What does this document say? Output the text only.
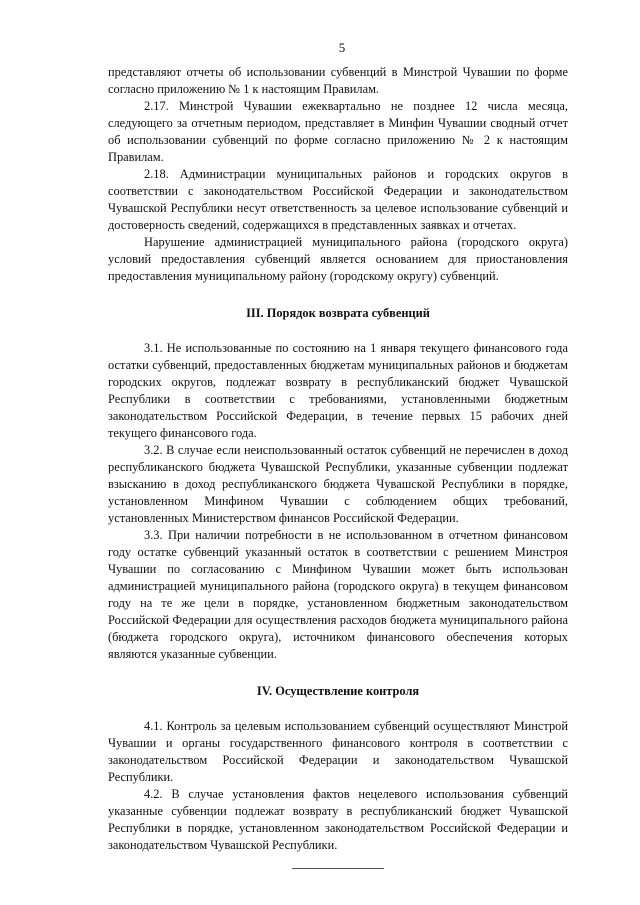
5

представляют отчеты об использовании субвенций в Минстрой Чувашии по форме согласно приложению № 1 к настоящим Правилам.

2.17. Минстрой Чувашии ежеквартально не позднее 12 числа месяца, следующего за отчетным периодом, представляет в Минфин Чувашии сводный отчет об использовании субвенций по форме согласно приложению № 2 к настоящим Правилам.

2.18. Администрации муниципальных районов и городских округов в соответствии с законодательством Российской Федерации и законодательством Чувашской Республики несут ответственность за целевое использование субвенций и достоверность сведений, содержащихся в представленных заявках и отчетах.

Нарушение администрацией муниципального района (городского округа) условий предоставления субвенций является основанием для приостановления предоставления муниципальному району (городскому округу) субвенций.

III. Порядок возврата субвенций

3.1. Не использованные по состоянию на 1 января текущего финансового года остатки субвенций, предоставленных бюджетам муниципальных районов и бюджетам городских округов, подлежат возврату в республиканский бюджет Чувашской Республики в соответствии с требованиями, установленными бюджетным законодательством Российской Федерации, в течение первых 15 рабочих дней текущего финансового года.

3.2. В случае если неиспользованный остаток субвенций не перечислен в доход республиканского бюджета Чувашской Республики, указанные субвенции подлежат взысканию в доход республиканского бюджета Чувашской Республики в порядке, установленном Минфином Чувашии с соблюдением общих требований, установленных Министерством финансов Российской Федерации.

3.3. При наличии потребности в не использованном в отчетном финансовом году остатке субвенций указанный остаток в соответствии с решением Минстроя Чувашии по согласованию с Минфином Чувашии может быть использован администрацией муниципального района (городского округа) в текущем финансовом году на те же цели в порядке, установленном бюджетным законодательством Российской Федерации для осуществления расходов бюджета муниципального района (бюджета городского округа), источником финансового обеспечения которых являются указанные субвенции.

IV. Осуществление контроля

4.1. Контроль за целевым использованием субвенций осуществляют Минстрой Чувашии и органы государственного финансового контроля в соответствии с законодательством Российской Федерации и законодательством Чувашской Республики.

4.2. В случае установления фактов нецелевого использования субвенций указанные субвенции подлежат возврату в республиканский бюджет Чувашской Республики в порядке, установленном законодательством Российской Федерации и законодательством Чувашской Республики.
